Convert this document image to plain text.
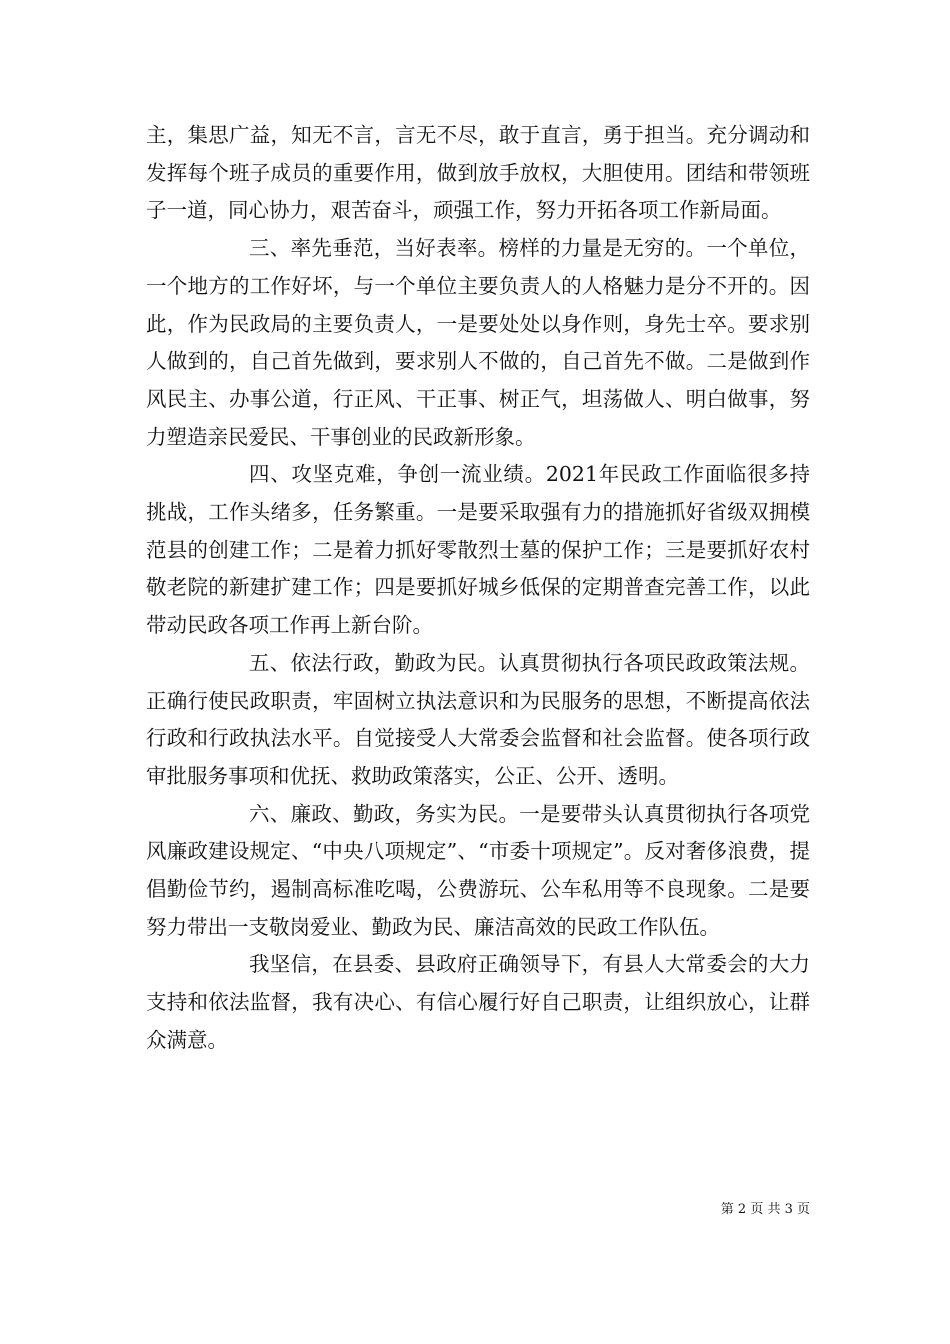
主，集思广益，知无不言，言无不尽，敢于直言，勇于担当。充分调动和发挥每个班子成员的重要作用，做到放手放权，大胆使用。团结和带领班子一道，同心协力，艰苦奋斗，顽强工作，努力开拓各项工作新局面。

三、率先垂范，当好表率。榜样的力量是无穷的。一个单位，一个地方的工作好坏，与一个单位主要负责人的人格魅力是分不开的。因此，作为民政局的主要负责人，一是要处处以身作则，身先士卒。要求别人做到的，自己首先做到，要求别人不做的，自己首先不做。二是做到作风民主、办事公道，行正风、干正事、树正气，坦荡做人、明白做事，努力塑造亲民爱民、干事创业的民政新形象。

四、攻坚克难，争创一流业绩。2021年民政工作面临很多持挑战，工作头绪多，任务繁重。一是要采取强有力的措施抓好省级双拥模范县的创建工作；二是着力抓好零散烈士墓的保护工作；三是要抓好农村敬老院的新建扩建工作；四是要抓好城乡低保的定期普查完善工作，以此带动民政各项工作再上新台阶。

五、依法行政，勤政为民。认真贯彻执行各项民政政策法规。正确行使民政职责，牢固树立执法意识和为民服务的思想，不断提高依法行政和行政执法水平。自觉接受人大常委会监督和社会监督。使各项行政审批服务事项和优抚、救助政策落实，公正、公开、透明。

六、廉政、勤政，务实为民。一是要带头认真贯彻执行各项党风廉政建设规定、“中央八项规定”、“市委十项规定”。反对奢侈浪费，提倡勤俭节约，遏制高标准吃喝，公费游玩、公车私用等不良现象。二是要努力带出一支敬岗爱业、勤政为民、廉洁高效的民政工作队伍。

我坚信，在县委、县政府正确领导下，有县人大常委会的大力支持和依法监督，我有决心、有信心履行好自己职责，让组织放心，让群众满意。

第 2 页 共 3 页
